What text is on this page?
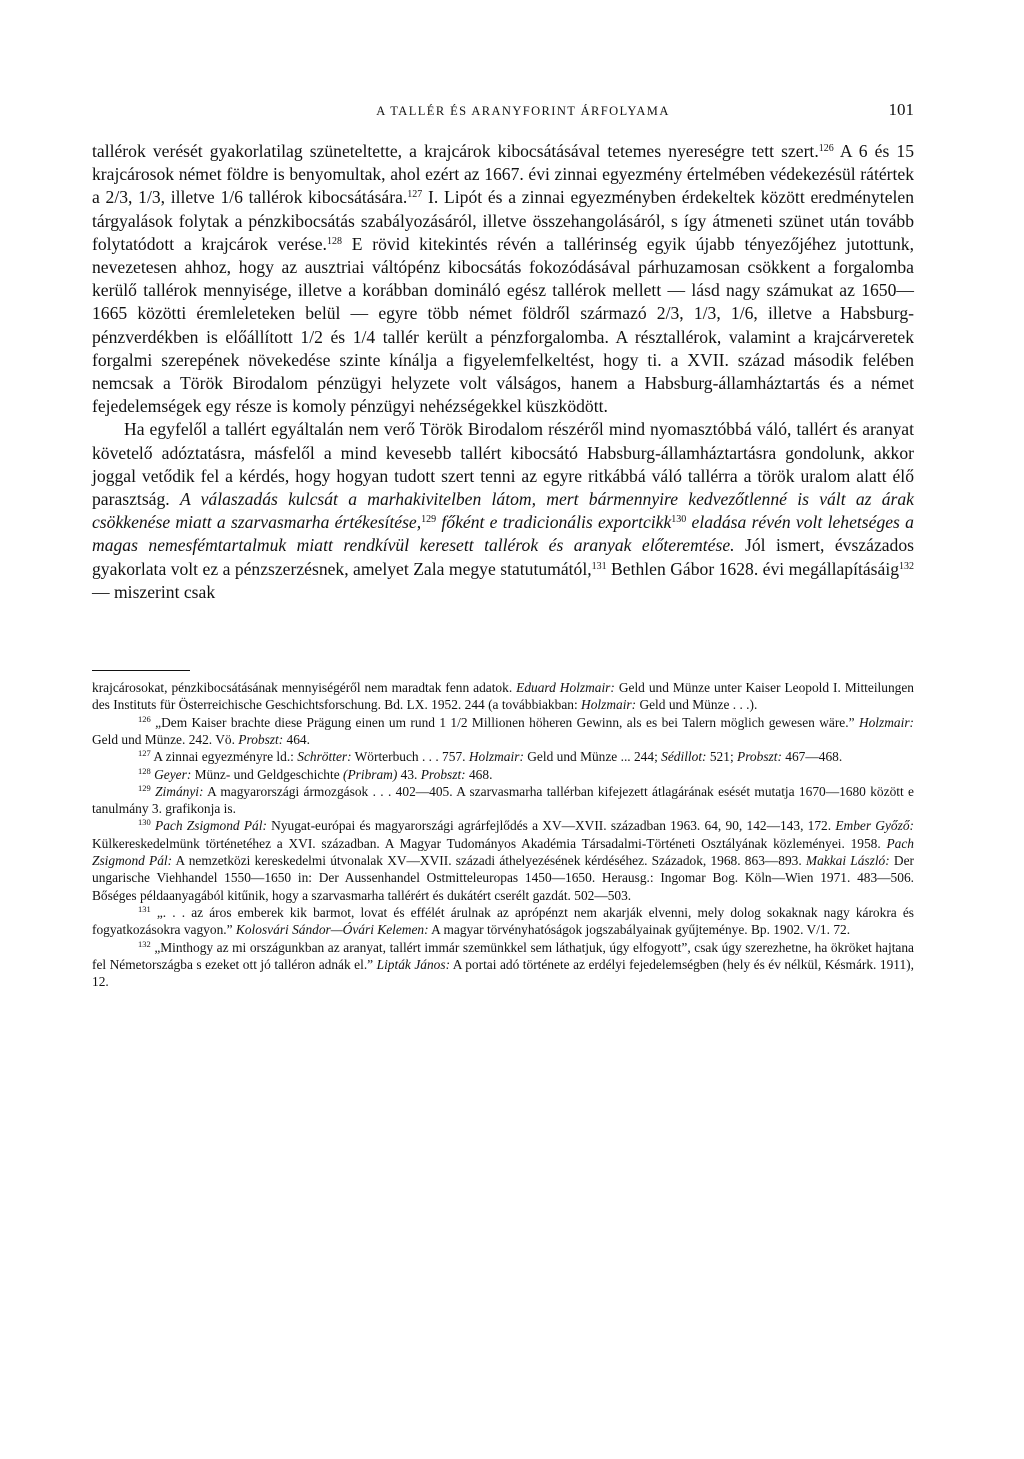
A TALLÉR ÉS ARANYFORINT ÁRFOLYAMA	101

tallérok verését gyakorlatilag szüneteltette, a krajcárok kibocsátásával tetemes nyereségre tett szert.$^{126}$ A 6 és 15 krajcárosok német földre is benyomultak, ahol ezért az 1667. évi zinnai egyezmény értelmében védekezésül rátértek a 2/3, 1/3, illetve 1/6 tallérok kibocsátására.$^{127}$ I. Lipót és a zinnai egyezményben érdekeltek között eredménytelen tárgyalások folytak a pénzkibocsátás szabályozásáról, illetve összehangolásáról, s így átmeneti szünet után tovább folytatódott a krajcárok verése.$^{128}$ E rövid kitekintés révén a tallérinség egyik újabb tényezőjéhez jutottunk, nevezetesen ahhoz, hogy az ausztriai váltópénz kibocsátás fokozódásával párhuzamosan csökkent a forgalomba kerülő tallérok mennyisége, illetve a korábban domináló egész tallérok mellett — lásd nagy számukat az 1650—1665 közötti éremleleteken belül — egyre több német földről származó 2/3, 1/3, 1/6, illetve a Habsburg-pénzverdékben is előállított 1/2 és 1/4 tallér került a pénzforgalomba. A résztallérok, valamint a krajcárveretek forgalmi szerepének növekedése szinte kínálja a figyelemfelkeltést, hogy ti. a XVII. század második felében nemcsak a Török Birodalom pénzügyi helyzete volt válságos, hanem a Habsburg-államháztartás és a német fejedelemségek egy része is komoly pénzügyi nehézségekkel küszködött.

Ha egyfelől a tallért egyáltalán nem verő Török Birodalom részéről mind nyomasztóbbá váló, tallért és aranyat követelő adóztatásra, másfelől a mind kevesebb tallért kibocsátó Habsburg-államháztartásra gondolunk, akkor joggal vetődik fel a kérdés, hogy hogyan tudott szert tenni az egyre ritkábbá váló tallérra a török uralom alatt élő parasztság. A válaszadás kulcsát a marhakivitelben látom, mert bármennyire kedvezőtlenné is vált az árak csökkenése miatt a szarvasmarha értékesítése,$^{129}$ főként e tradicionális exportcikk$^{130}$ eladása révén volt lehetséges a magas nemesfémtartalmuk miatt rendkívül keresett tallérok és aranyak előteremtése. Jól ismert, évszázados gyakorlata volt ez a pénzszerzésnek, amelyet Zala megye statutumától,$^{131}$ Bethlen Gábor 1628. évi megállapításáig$^{132}$ — miszerint csak

krajcárosokat, pénzkibocsátásának mennyiségéről nem maradtak fenn adatok. Eduard Holzmair: Geld und Münze unter Kaiser Leopold I. Mitteilungen des Instituts für Österreichische Geschichtsforschung. Bd. LX. 1952. 244 (a továbbiakban: Holzmair: Geld und Münze . . .).

$^{126}$ „Dem Kaiser brachte diese Prägung einen um rund 1 1/2 Millionen höheren Gewinn, als es bei Talern möglich gewesen wäre.” Holzmair: Geld und Münze. 242. Vö. Probszt: 464.

$^{127}$ A zinnai egyezményre ld.: Schrötter: Wörterbuch . . . 757. Holzmair: Geld und Münze ... 244; Sédillot: 521; Probszt: 467—468.

$^{128}$ Geyer: Münz- und Geldgeschichte (Pribram) 43. Probszt: 468.

$^{129}$ Zimányi: A magyarországi ármozgások . . . 402—405. A szarvasmarha tallérban kifejezett átlagárának esését mutatja 1670—1680 között e tanulmány 3. grafikonja is.

$^{130}$ Pach Zsigmond Pál: Nyugat-európai és magyarországi agrárfejlődés a XV—XVII. században 1963. 64, 90, 142—143, 172. Ember Győző: Külkereskedelmünk történetéhez a XVI. században. A Magyar Tudományos Akadémia Társadalmi-Történeti Osztályának közleményei. 1958. Pach Zsigmond Pál: A nemzetközi kereskedelmi útvonalak XV—XVII. századi áthelyezésének kérdéséhez. Századok, 1968. 863—893. Makkai László: Der ungarische Viehhandel 1550—1650 in: Der Aussenhandel Ostmitteleuropas 1450—1650. Herausg.: Ingomar Bog. Köln—Wien 1971. 483—506. Bőséges példaanyagából kitűnik, hogy a szarvasmarha tallérért és dukátért cserélt gazdát. 502—503.

$^{131}$ „. . . az áros emberek kik barmot, lovat és effélét árulnak az aprópénzt nem akarják elvenni, mely dolog sokaknak nagy károkra és fogyatkozásokra vagyon.” Kolosvári Sándor—Óvári Kelemen: A magyar törvényhatóságok jogszabályainak gyűjteménye. Bp. 1902. V/1. 72.

$^{132}$ „Minthogy az mi országunkban az aranyat, tallért immár szemünkkel sem láthatjuk, úgy elfogyott”, csak úgy szerezhetne, ha ökröket hajtana fel Németországba s ezeket ott jó talléron adnák el.” Lipták János: A portai adó története az erdélyi fejedelemségben (hely és év nélkül, Késmárk. 1911), 12.
